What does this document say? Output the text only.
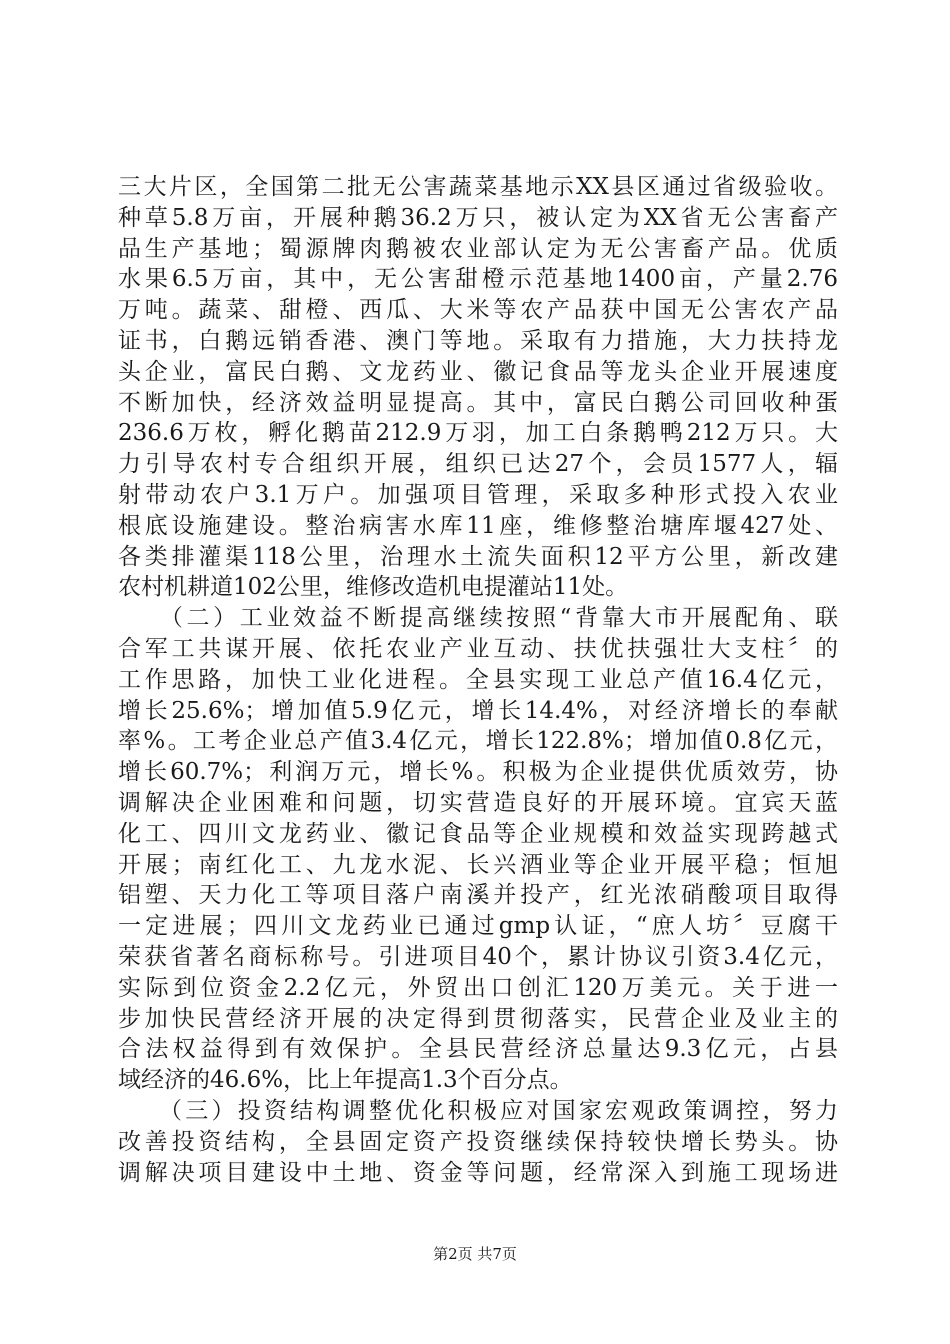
三大片区，全国第二批无公害蔬菜基地示XX县区通过省级验收。
种草5.8万亩，开展种鹅36.2万只，被认定为XX省无公害畜产
品生产基地；蜀源牌肉鹅被农业部认定为无公害畜产品。优质
水果6.5万亩，其中，无公害甜橙示范基地1400亩，产量2.76
万吨。蔬菜、甜橙、西瓜、大米等农产品获中国无公害农产品
证书，白鹅远销香港、澳门等地。采取有力措施，大力扶持龙
头企业，富民白鹅、文龙药业、徽记食品等龙头企业开展速度
不断加快，经济效益明显提高。其中，富民白鹅公司回收种蛋
236.6万枚，孵化鹅苗212.9万羽，加工白条鹅鸭212万只。大
力引导农村专合组织开展，组织已达27个，会员1577人，辐
射带动农户3.1万户。加强项目管理，采取多种形式投入农业
根底设施建设。整治病害水库11座，维修整治塘库堰427处、
各类排灌渠118公里，治理水土流失面积12平方公里，新改建
农村机耕道102公里，维修改造机电提灌站11处。
　　（二）工业效益不断提高继续按照“背靠大市开展配角、联
合军工共谋开展、依托农业产业互动、扶优扶强壮大支柱〞的
工作思路，加快工业化进程。全县实现工业总产值16.4亿元，
增长25.6%；增加值5.9亿元，增长14.4%，对经济增长的奉献
率%。工考企业总产值3.4亿元，增长122.8%；增加值0.8亿元，
增长60.7%；利润万元，增长%。积极为企业提供优质效劳，协
调解决企业困难和问题，切实营造良好的开展环境。宜宾天蓝
化工、四川文龙药业、徽记食品等企业规模和效益实现跨越式
开展；南红化工、九龙水泥、长兴酒业等企业开展平稳；恒旭
铝塑、天力化工等项目落户南溪并投产，红光浓硝酸项目取得
一定进展；四川文龙药业已通过gmp认证，“庶人坊〞豆腐干
荣获省著名商标称号。引进项目40个，累计协议引资3.4亿元，
实际到位资金2.2亿元，外贸出口创汇120万美元。关于进一
步加快民营经济开展的决定得到贯彻落实，民营企业及业主的
合法权益得到有效保护。全县民营经济总量达9.3亿元，占县
域经济的46.6%，比上年提高1.3个百分点。
　　（三）投资结构调整优化积极应对国家宏观政策调控，努力
改善投资结构，全县固定资产投资继续保持较快增长势头。协
调解决项目建设中土地、资金等问题，经常深入到施工现场进
第2页 共7页
